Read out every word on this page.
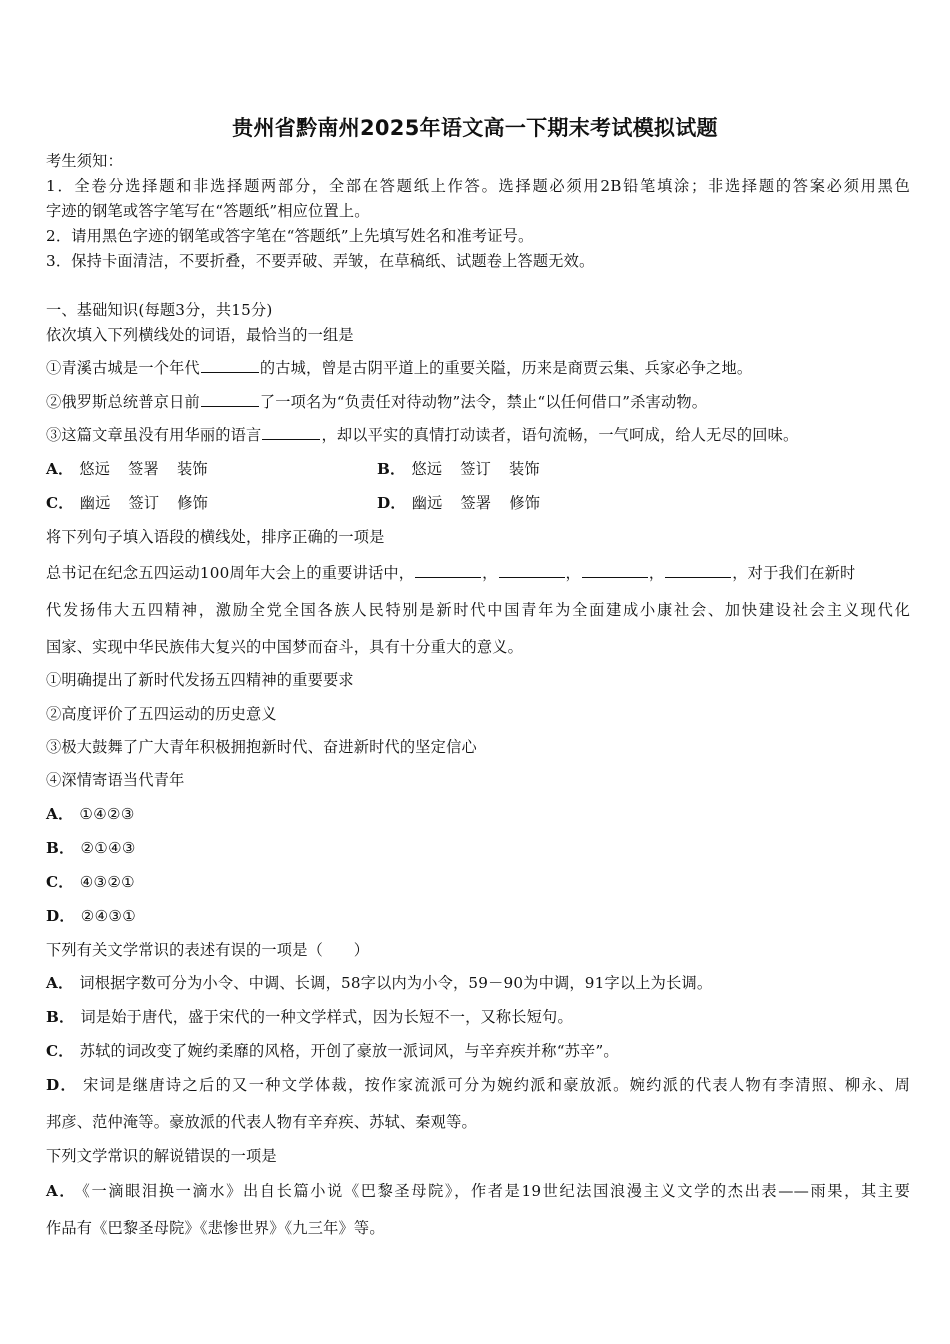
贵州省黔南州2025年语文高一下期末考试模拟试题
考生须知：
1．全卷分选择题和非选择题两部分，全部在答题纸上作答。选择题必须用2B铅笔填涂；非选择题的答案必须用黑色
字迹的钢笔或答字笔写在“答题纸”相应位置上。
2．请用黑色字迹的钢笔或答字笔在“答题纸”上先填写姓名和准考证号。
3．保持卡面清洁，不要折叠，不要弄破、弄皱，在草稿纸、试题卷上答题无效。
一、基础知识(每题3分，共15分)
依次填入下列横线处的词语，最恰当的一组是
①青溪古城是一个年代	的古城，曾是古阴平道上的重要关隘，历来是商贾云集、兵家必争之地。
②俄罗斯总统普京日前	了一项名为“负责任对待动物”法令，禁止“以任何借口”杀害动物。
③这篇文章虽没有用华丽的语言	，却以平实的真情打动读者，语句流畅，一气呵成，给人无尽的回味。
A． 悠远 签署 装饰	B． 悠远 签订 装饰
C． 幽远 签订 修饰	D． 幽远 签署 修饰
将下列句子填入语段的横线处，排序正确的一项是
总书记在纪念五四运动100周年大会上的重要讲话中，	，	，	，	，对于我们在新时
代发扬伟大五四精神，激励全党全国各族人民特别是新时代中国青年为全面建成小康社会、加快建设社会主义现代化
国家、实现中华民族伟大复兴的中国梦而奋斗，具有十分重大的意义。
①明确提出了新时代发扬五四精神的重要要求
②高度评价了五四运动的历史意义
③极大鼓舞了广大青年积极拥抱新时代、奋进新时代的坚定信心
④深情寄语当代青年
A． ①④②③
B． ②①④③
C． ④③②①
D． ②④③①
下列有关文学常识的表述有误的一项是（　　）
A． 词根据字数可分为小令、中调、长调，58字以内为小令，59－90为中调，91字以上为长调。
B． 词是始于唐代，盛于宋代的一种文学样式，因为长短不一，又称长短句。
C． 苏轼的词改变了婉约柔靡的风格，开创了豪放一派词风，与辛弃疾并称“苏辛”。
D． 宋词是继唐诗之后的又一种文学体裁，按作家流派可分为婉约派和豪放派。婉约派的代表人物有李清照、柳永、周
邦彦、范仲淹等。豪放派的代表人物有辛弃疾、苏轼、秦观等。
下列文学常识的解说错误的一项是
A． 《一滴眼泪换一滴水》出自长篇小说《巴黎圣母院》，作者是19世纪法国浪漫主义文学的杰出表——雨果，其主要
作品有《巴黎圣母院》《悲惨世界》《九三年》等。
